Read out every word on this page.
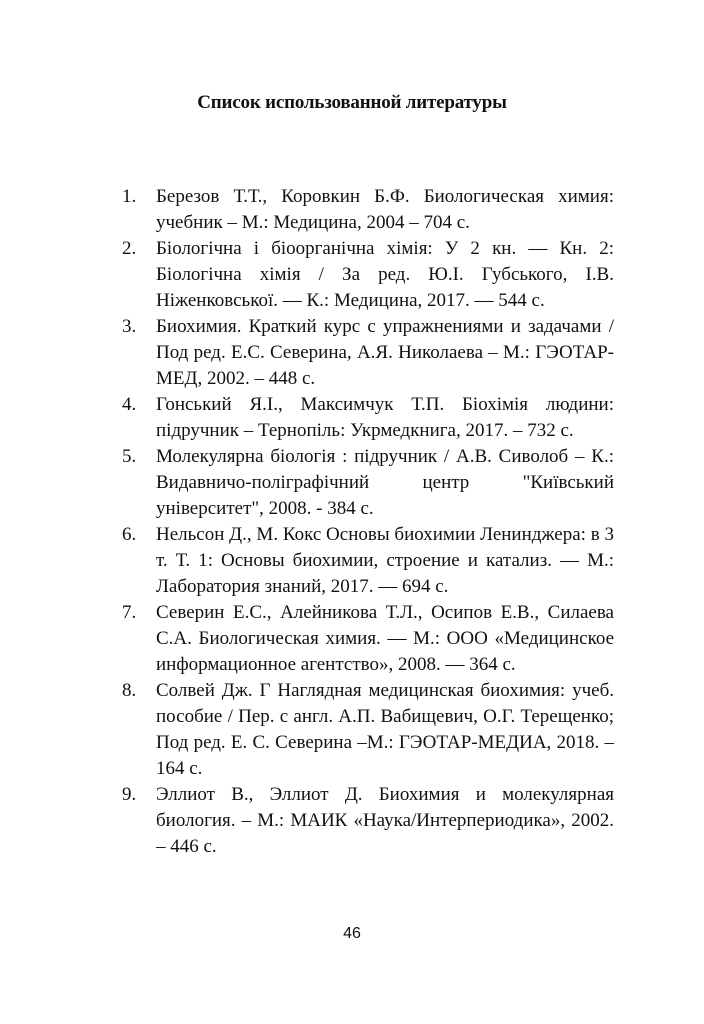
Список использованной литературы
1.	Березов Т.Т., Коровкин Б.Ф. Биологическая химия: учебник – М.: Медицина, 2004 – 704 с.
2.	Біологічна і біоорганічна хімія: У 2 кн. — Кн. 2: Біологічна хімія / За ред. Ю.І. Губського, І.В. Ніженковської. — К.: Медицина, 2017. — 544 с.
3.	Биохимия. Краткий курс с упражнениями и задачами / Под ред. Е.С. Северина, А.Я. Николаева – М.: ГЭОТАР-МЕД, 2002. – 448 с.
4.	Гонський Я.І., Максимчук Т.П. Біохімія людини: підручник – Тернопіль: Укрмедкнига, 2017. – 732 с.
5.	Молекулярна біологія : підручник / А.В. Сиволоб – К.: Видавничо-поліграфічний центр "Київський університет", 2008. - 384 с.
6.	Нельсон Д., М. Кокс Основы биохимии Ленинджера: в 3 т. Т. 1: Основы биохимии, строение и катализ. — М.: Лаборатория знаний, 2017. — 694 с.
7.	Северин Е.С., Алейникова Т.Л., Осипов Е.В., Силаева С.А. Биологическая химия. — М.: ООО «Медицинское информационное агентство», 2008. — 364 с.
8.	Солвей Дж. Г Наглядная медицинская биохимия: учеб. пособие / Пер. с англ. А.П. Вабищевич, О.Г. Терещенко; Под ред. Е. С. Северина –М.: ГЭОТАР-МЕДИА, 2018. – 164 с.
9.	Эллиот В., Эллиот Д. Биохимия и молекулярная биология. – М.: МАИК «Наука/Интерпериодика», 2002. – 446 с.
46
